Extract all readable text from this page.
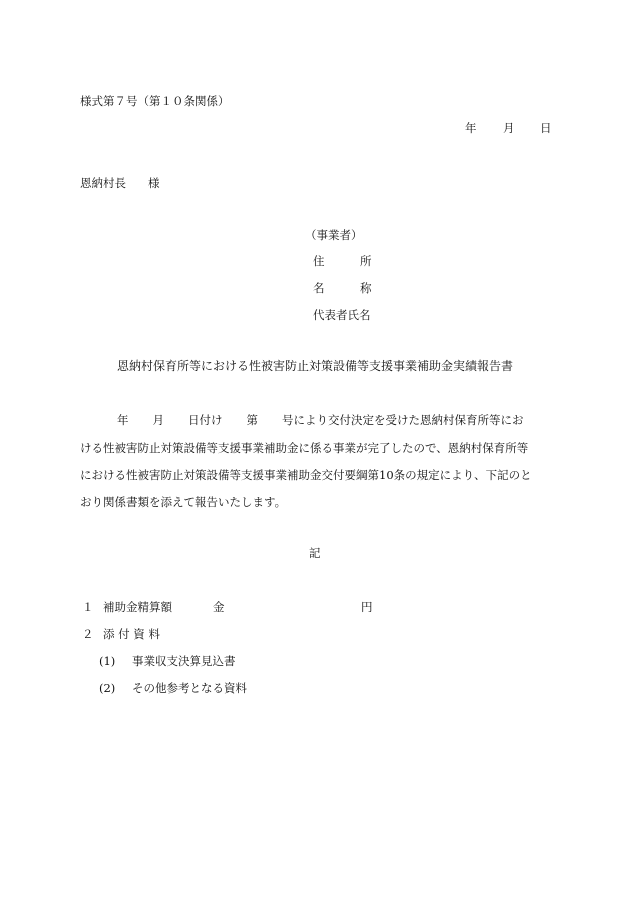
様式第７号（第１０条関係）
年 月 日
恩納村長 様
（事業者）
住	所
名	称
代表者氏名
恩納村保育所等における性被害防止対策設備等支援事業補助金実績報告書
年 月 日付け 第 号により交付決定を受けた恩納村保育所等にお
ける性被害防止対策設備等支援事業補助金に係る事業が完了したので、恩納村保育所等
における性被害防止対策設備等支援事業補助金交付要綱第10条の規定により、下記のと
おり関係書類を添えて報告いたします。
記
１ 補助金精算額	金	円
２ 添 付 資 料
(1) 事業収支決算見込書
(2) その他参考となる資料
